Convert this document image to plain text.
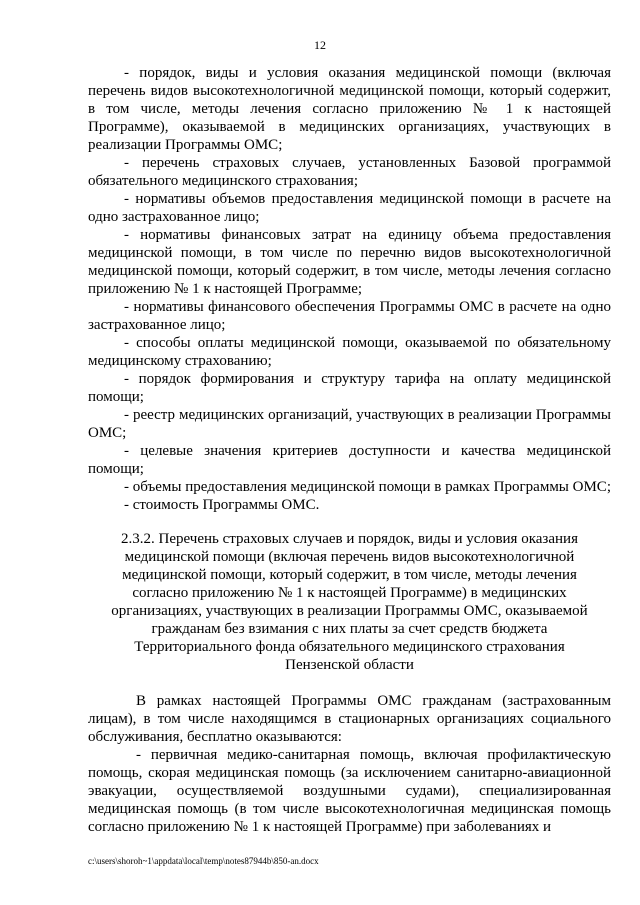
12

- порядок, виды и условия оказания медицинской помощи (включая перечень видов высокотехнологичной медицинской помощи, который содержит, в том числе, методы лечения согласно приложению № 1 к настоящей Программе), оказываемой в медицинских организациях, участвующих в реализации Программы ОМС;

- перечень страховых случаев, установленных Базовой программой обязательного медицинского страхования;

- нормативы объемов предоставления медицинской помощи в расчете на одно застрахованное лицо;

- нормативы финансовых затрат на единицу объема предоставления медицинской помощи, в том числе по перечню видов высокотехнологичной медицинской помощи, который содержит, в том числе, методы лечения согласно приложению № 1 к настоящей Программе;

- нормативы финансового обеспечения Программы ОМС в расчете на одно застрахованное лицо;

- способы оплаты медицинской помощи, оказываемой по обязательному медицинскому страхованию;

- порядок формирования и структуру тарифа на оплату медицинской помощи;

- реестр медицинских организаций, участвующих в реализации Программы ОМС;

- целевые значения критериев доступности и качества медицинской помощи;

- объемы предоставления медицинской помощи в рамках Программы ОМС;

- стоимость Программы ОМС.

2.3.2. Перечень страховых случаев и порядок, виды и условия оказания медицинской помощи (включая перечень видов высокотехнологичной медицинской помощи, который содержит, в том числе, методы лечения согласно приложению № 1 к настоящей Программе) в медицинских организациях, участвующих в реализации Программы ОМС, оказываемой гражданам без взимания с них платы за счет средств бюджета Территориального фонда обязательного медицинского страхования Пензенской области

В рамках настоящей Программы ОМС гражданам (застрахованным лицам), в том числе находящимся в стационарных организациях социального обслуживания, бесплатно оказываются:

- первичная медико-санитарная помощь, включая профилактическую помощь, скорая медицинская помощь (за исключением санитарно-авиационной эвакуации, осуществляемой воздушными судами), специализированная медицинская помощь (в том числе высокотехнологичная медицинская помощь согласно приложению № 1 к настоящей Программе) при заболеваниях и

c:\users\shoroh~1\appdata\local\temp\notes87944b\850-an.docx
